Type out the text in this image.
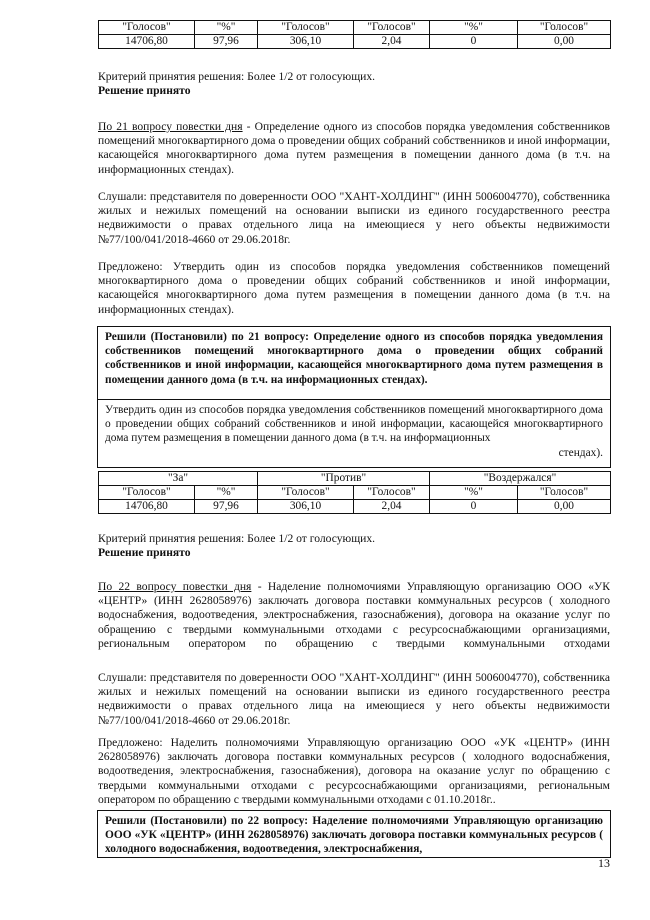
"Голосов"	"%"	"Голосов"	"Голосов"	"%"	"Голосов"
14706,80	97,96	306,10	2,04	0	0,00
Критерий принятия решения: Более 1/2 от голосующих.
Решение принято
По 21 вопросу повестки дня - Определение одного из способов порядка уведомления собственников помещений многоквартирного дома о проведении общих собраний собственников и иной информации, касающейся многоквартирного дома путем размещения в помещении данного дома (в т.ч. на информационных стендах).
Слушали: представителя по доверенности ООО "ХАНТ-ХОЛДИНГ" (ИНН 5006004770), собственника жилых и нежилых помещений на основании выписки из единого государственного реестра недвижимости о правах отдельного лица на имеющиеся у него объекты недвижимости №77/100/041/2018-4660 от 29.06.2018г.
Предложено: Утвердить один из способов порядка уведомления собственников помещений многоквартирного дома о проведении общих собраний собственников и иной информации, касающейся многоквартирного дома путем размещения в помещении данного дома (в т.ч. на информационных стендах).
Решили (Постановили) по 21 вопросу: Определение одного из способов порядка уведомления собственников помещений многоквартирного дома о проведении общих собраний собственников и иной информации, касающейся многоквартирного дома путем размещения в помещении данного дома (в т.ч. на информационных стендах).
Утвердить один из способов порядка уведомления собственников помещений многоквартирного дома о проведении общих собраний собственников и иной информации, касающейся многоквартирного дома путем размещения в помещении данного дома (в т.ч. на информационных
стендах).
"За"		"Против"		"Воздержался"	
"Голосов"	"%"	"Голосов"	"Голосов"	"%"	"Голосов"
14706,80	97,96	306,10	2,04	0	0,00
Критерий принятия решения: Более 1/2 от голосующих.
Решение принято
По 22 вопросу повестки дня - Наделение полномочиями Управляющую организацию ООО «УК «ЦЕНТР» (ИНН 2628058976) заключать договора поставки коммунальных ресурсов ( холодного водоснабжения, водоотведения, электроснабжения, газоснабжения), договора на оказание услуг по обращению с твердыми коммунальными отходами с ресурсоснабжающими организациями, региональным оператором по обращению с твердыми коммунальными отходами
Слушали: представителя по доверенности ООО "ХАНТ-ХОЛДИНГ" (ИНН 5006004770), собственника жилых и нежилых помещений на основании выписки из единого государственного реестра недвижимости о правах отдельного лица на имеющиеся у него объекты недвижимости №77/100/041/2018-4660 от 29.06.2018г.
Предложено: Наделить полномочиями Управляющую организацию ООО «УК «ЦЕНТР» (ИНН 2628058976) заключать договора поставки коммунальных ресурсов ( холодного водоснабжения, водоотведения, электроснабжения, газоснабжения), договора на оказание услуг по обращению с твердыми коммунальными отходами с ресурсоснабжающими организациями, региональным оператором по обращению с твердыми коммунальными отходами с 01.10.2018г..
Решили (Постановили) по 22 вопросу: Наделение полномочиями Управляющую организацию ООО «УК «ЦЕНТР» (ИНН 2628058976) заключать договора поставки коммунальных ресурсов ( холодного водоснабжения, водоотведения, электроснабжения,
13
